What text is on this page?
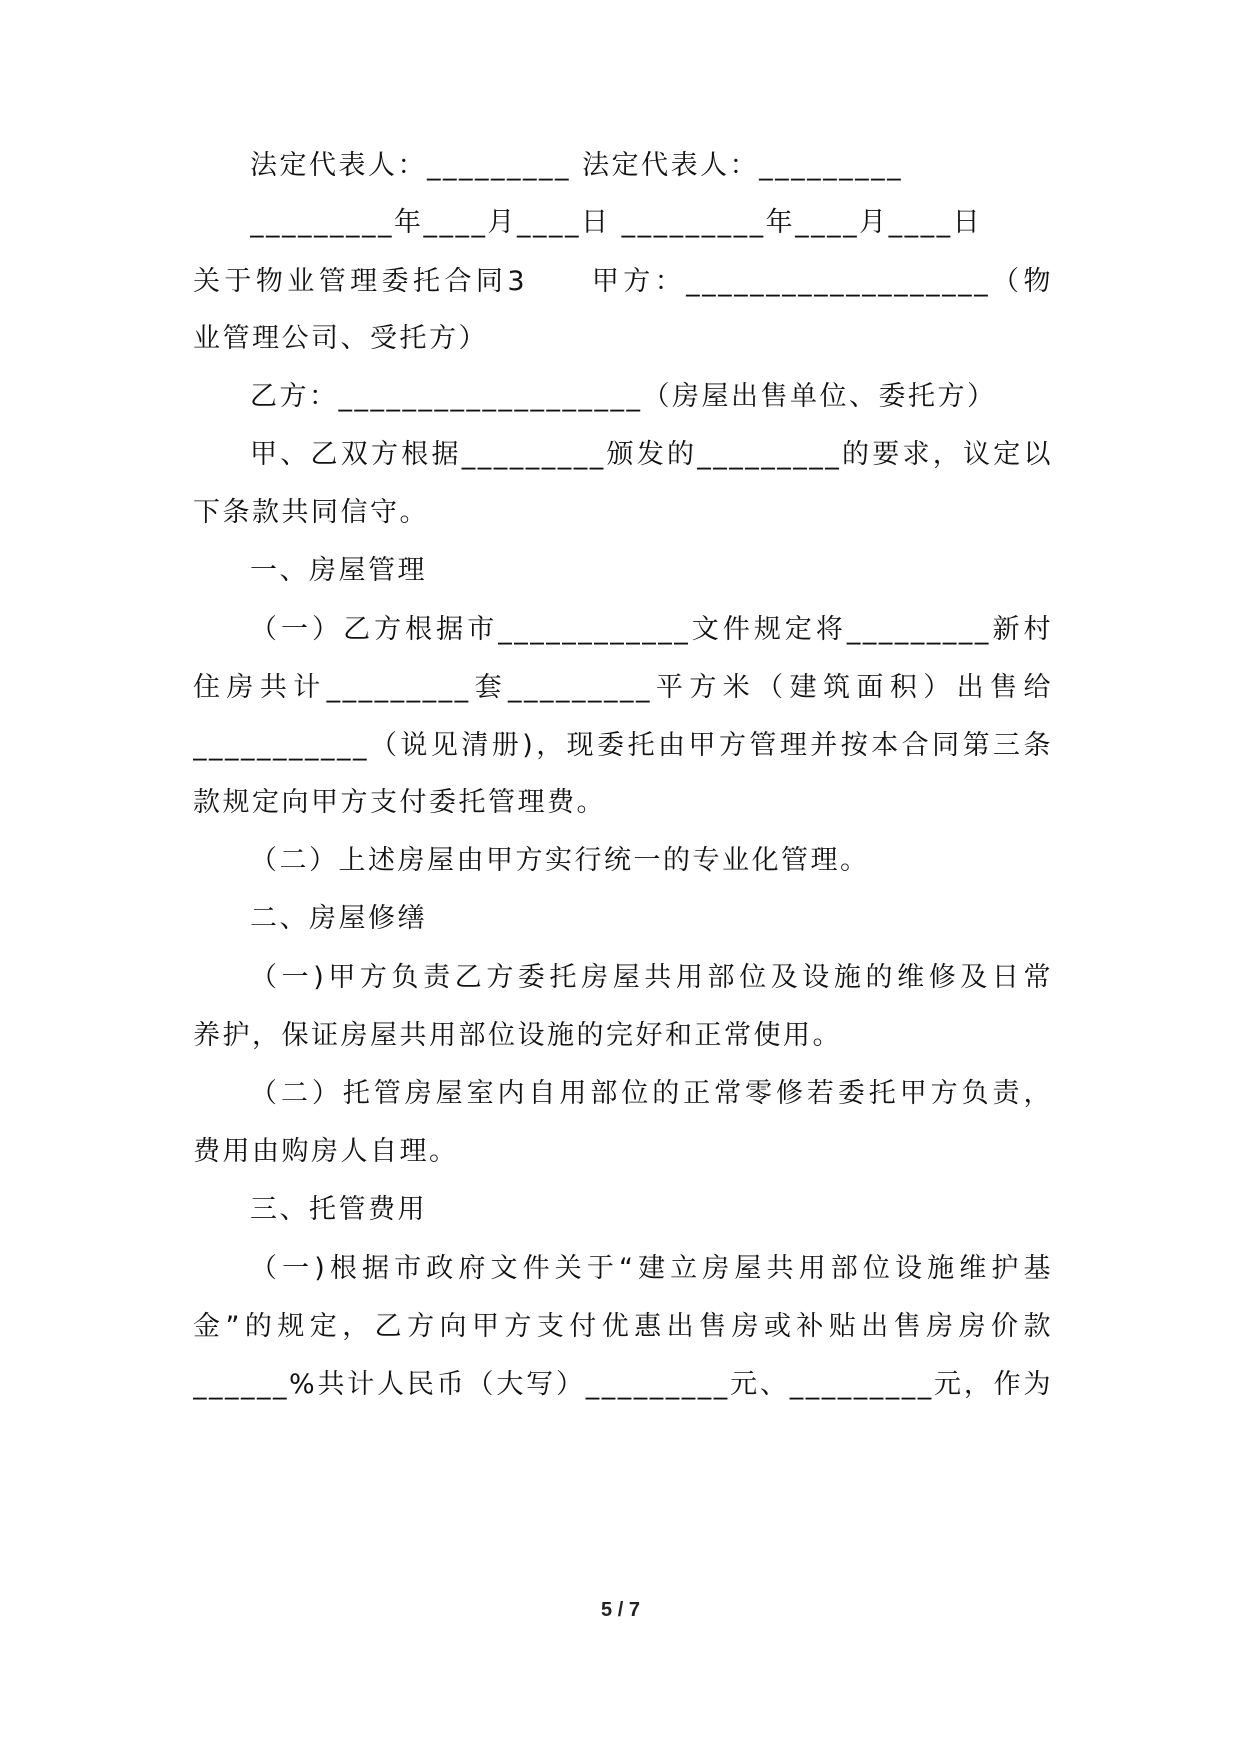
法定代表人：_________ 法定代表人：_________
_________年____月____日 _________年____月____日
关于物业管理委托合同3　　甲方：___________________（物
业管理公司、受托方）
乙方：___________________（房屋出售单位、委托方）
甲、乙双方根据_________颁发的_________的要求，议定以
下条款共同信守。
一、房屋管理
（一）乙方根据市____________文件规定将_________新村
住房共计_________套_________平方米（建筑面积）出售给
___________（说见清册)，现委托由甲方管理并按本合同第三条
款规定向甲方支付委托管理费。
（二）上述房屋由甲方实行统一的专业化管理。
二、房屋修缮
（一)甲方负责乙方委托房屋共用部位及设施的维修及日常
养护，保证房屋共用部位设施的完好和正常使用。
（二）托管房屋室内自用部位的正常零修若委托甲方负责，
费用由购房人自理。
三、托管费用
（一)根据市政府文件关于“建立房屋共用部位设施维护基
金”的规定，乙方向甲方支付优惠出售房或补贴出售房房价款
______%共计人民币（大写）_________元、_________元，作为
5 / 7
